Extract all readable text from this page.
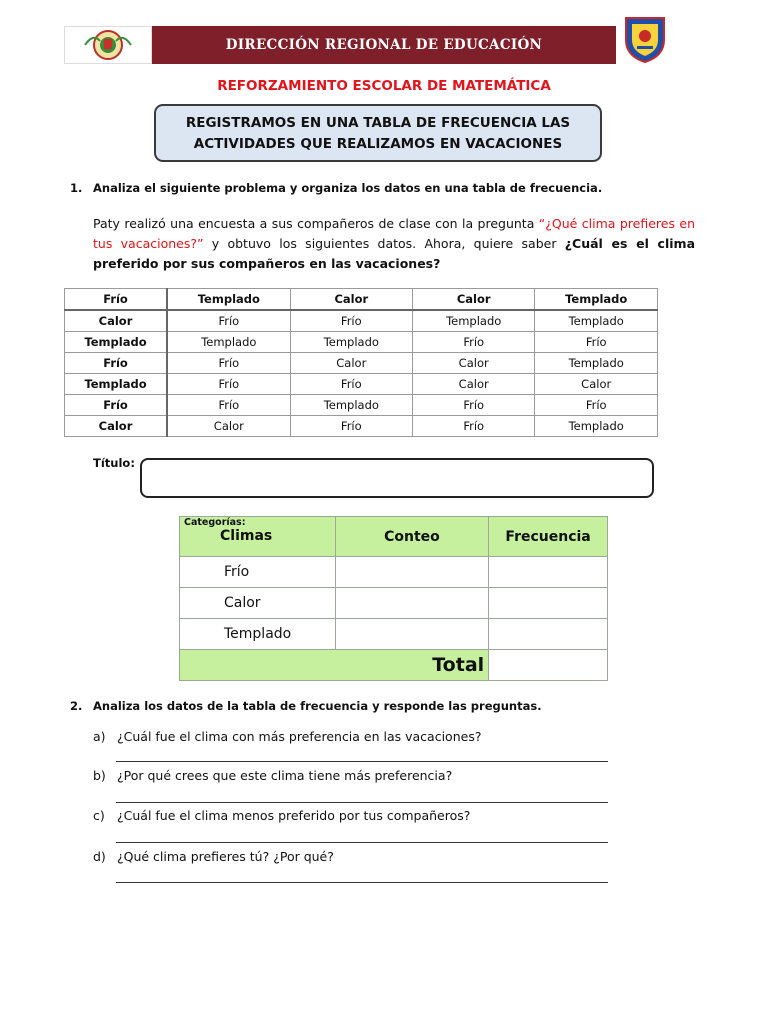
DIRECCIÓN REGIONAL DE EDUCACIÓN
REFORZAMIENTO ESCOLAR DE MATEMÁTICA
REGISTRAMOS EN UNA TABLA DE FRECUENCIA LAS
ACTIVIDADES QUE REALIZAMOS EN VACACIONES
1. Analiza el siguiente problema y organiza los datos en una tabla de frecuencia.
Paty realizó una encuesta a sus compañeros de clase con la pregunta “¿Qué clima prefieres en tus vacaciones?” y obtuvo los siguientes datos. Ahora, quiere saber ¿Cuál es el clima preferido por sus compañeros en las vacaciones?
Frío	Templado	Calor	Calor	Templado
Calor	Frío	Frío	Templado	Templado
Templado	Templado	Templado	Frío	Frío
Frío	Frío	Calor	Calor	Templado
Templado	Frío	Frío	Calor	Calor
Frío	Frío	Templado	Frío	Frío
Calor	Calor	Frío	Frío	Templado
Título:
Categorías:
Climas	Conteo	Frecuencia
Frío		
Calor		
Templado		
Total		
2. Analiza los datos de la tabla de frecuencia y responde las preguntas.
a) ¿Cuál fue el clima con más preferencia en las vacaciones?
b) ¿Por qué crees que este clima tiene más preferencia?
c) ¿Cuál fue el clima menos preferido por tus compañeros?
d) ¿Qué clima prefieres tú? ¿Por qué?
